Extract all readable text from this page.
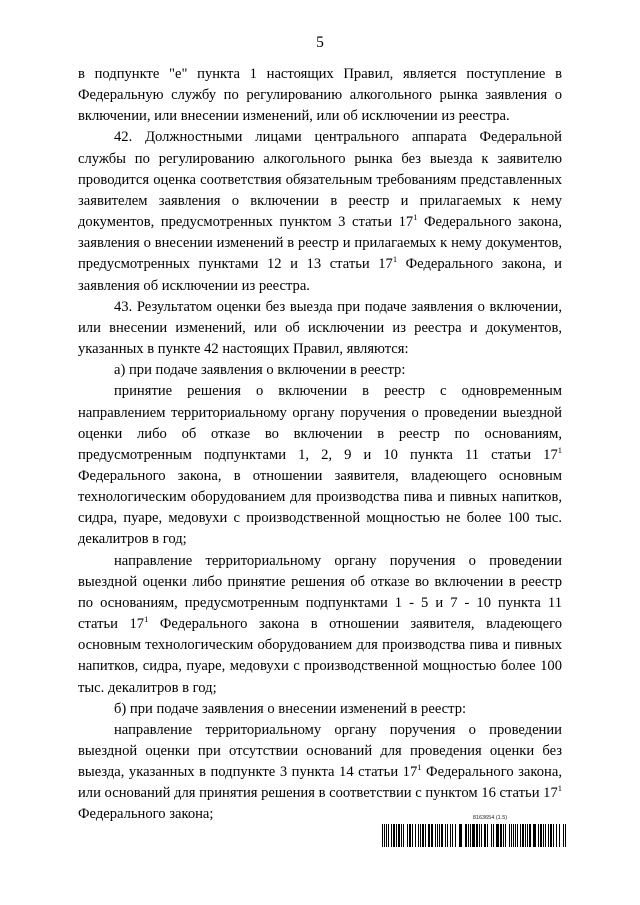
5

в подпункте "е" пункта 1 настоящих Правил, является поступление в Федеральную службу по регулированию алкогольного рынка заявления о включении, или внесении изменений, или об исключении из реестра.

42. Должностными лицами центрального аппарата Федеральной службы по регулированию алкогольного рынка без выезда к заявителю проводится оценка соответствия обязательным требованиям представленных заявителем заявления о включении в реестр и прилагаемых к нему документов, предусмотренных пунктом 3 статьи $17^1$ Федерального закона, заявления о внесении изменений в реестр и прилагаемых к нему документов, предусмотренных пунктами 12 и 13 статьи $17^1$ Федерального закона, и заявления об исключении из реестра.

43. Результатом оценки без выезда при подаче заявления о включении, или внесении изменений, или об исключении из реестра и документов, указанных в пункте 42 настоящих Правил, являются:

а) при подаче заявления о включении в реестр:

принятие решения о включении в реестр с одновременным направлением территориальному органу поручения о проведении выездной оценки либо об отказе во включении в реестр по основаниям, предусмотренным подпунктами 1, 2, 9 и 10 пункта 11 статьи $17^1$ Федерального закона, в отношении заявителя, владеющего основным технологическим оборудованием для производства пива и пивных напитков, сидра, пуаре, медовухи с производственной мощностью не более 100 тыс. декалитров в год;

направление территориальному органу поручения о проведении выездной оценки либо принятие решения об отказе во включении в реестр по основаниям, предусмотренным подпунктами 1 - 5 и 7 - 10 пункта 11 статьи $17^1$ Федерального закона в отношении заявителя, владеющего основным технологическим оборудованием для производства пива и пивных напитков, сидра, пуаре, медовухи с производственной мощностью более 100 тыс. декалитров в год;

б) при подаче заявления о внесении изменений в реестр:

направление территориальному органу поручения о проведении выездной оценки при отсутствии оснований для проведения оценки без выезда, указанных в подпункте 3 пункта 14 статьи $17^1$ Федерального закона, или оснований для принятия решения в соответствии с пунктом 16 статьи $17^1$ Федерального закона;	8163654 (1.5)
